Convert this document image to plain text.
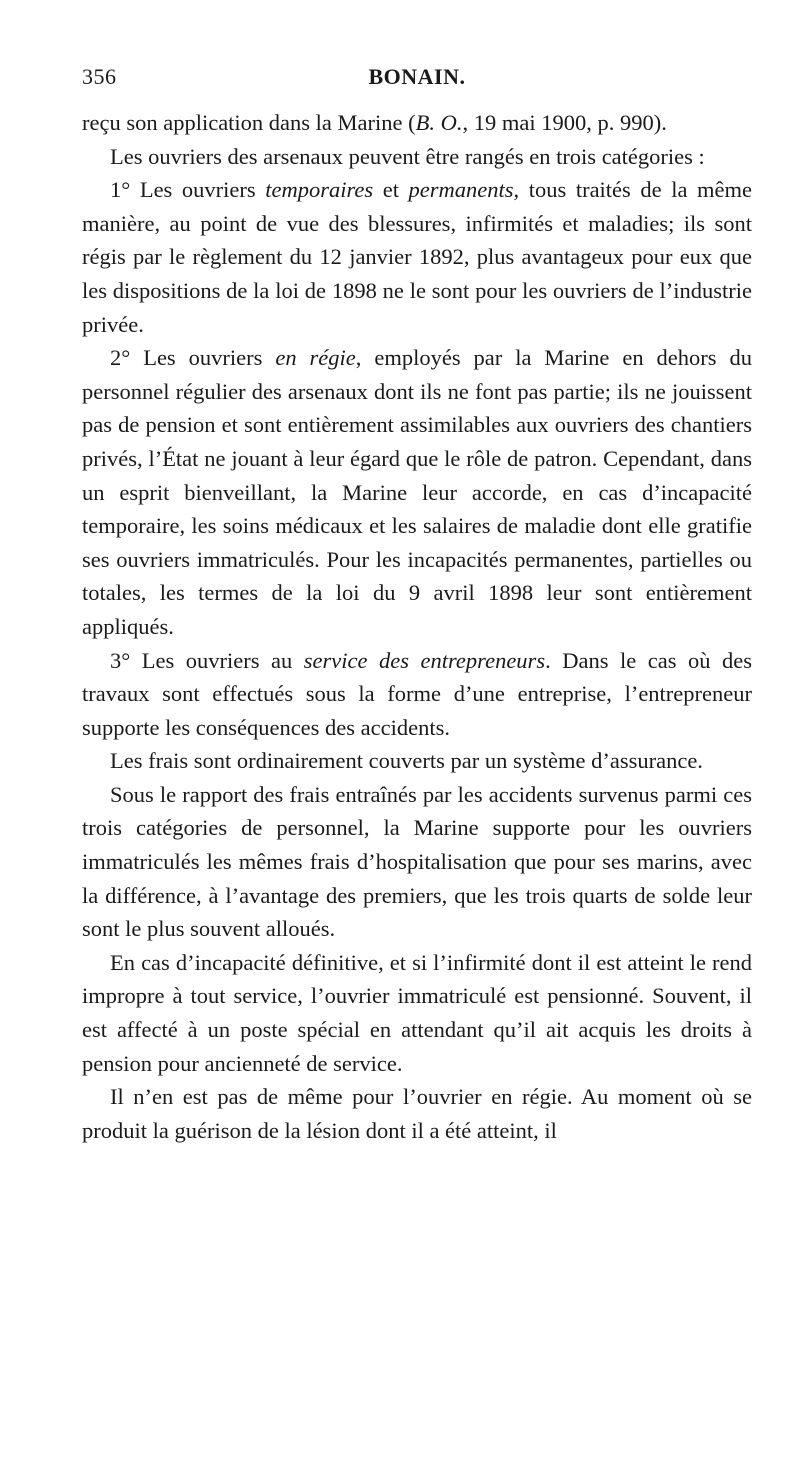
356	BONAIN.

reçu son application dans la Marine (B. O., 19 mai 1900, p. 990).

Les ouvriers des arsenaux peuvent être rangés en trois catégories :

1° Les ouvriers temporaires et permanents, tous traités de la même manière, au point de vue des blessures, infirmités et maladies; ils sont régis par le règlement du 12 janvier 1892, plus avantageux pour eux que les dispositions de la loi de 1898 ne le sont pour les ouvriers de l’industrie privée.

2° Les ouvriers en régie, employés par la Marine en dehors du personnel régulier des arsenaux dont ils ne font pas partie; ils ne jouissent pas de pension et sont entièrement assimilables aux ouvriers des chantiers privés, l’État ne jouant à leur égard que le rôle de patron. Cependant, dans un esprit bienveillant, la Marine leur accorde, en cas d’incapacité temporaire, les soins médicaux et les salaires de maladie dont elle gratifie ses ouvriers immatriculés. Pour les incapacités permanentes, partielles ou totales, les termes de la loi du 9 avril 1898 leur sont entièrement appliqués.

3° Les ouvriers au service des entrepreneurs. Dans le cas où des travaux sont effectués sous la forme d’une entreprise, l’entrepreneur supporte les conséquences des accidents.

Les frais sont ordinairement couverts par un système d’assurance.

Sous le rapport des frais entraînés par les accidents survenus parmi ces trois catégories de personnel, la Marine supporte pour les ouvriers immatriculés les mêmes frais d’hospitalisation que pour ses marins, avec la différence, à l’avantage des premiers, que les trois quarts de solde leur sont le plus souvent alloués.

En cas d’incapacité définitive, et si l’infirmité dont il est atteint le rend impropre à tout service, l’ouvrier immatriculé est pensionné. Souvent, il est affecté à un poste spécial en attendant qu’il ait acquis les droits à pension pour ancienneté de service.

Il n’en est pas de même pour l’ouvrier en régie. Au moment où se produit la guérison de la lésion dont il a été atteint, il
